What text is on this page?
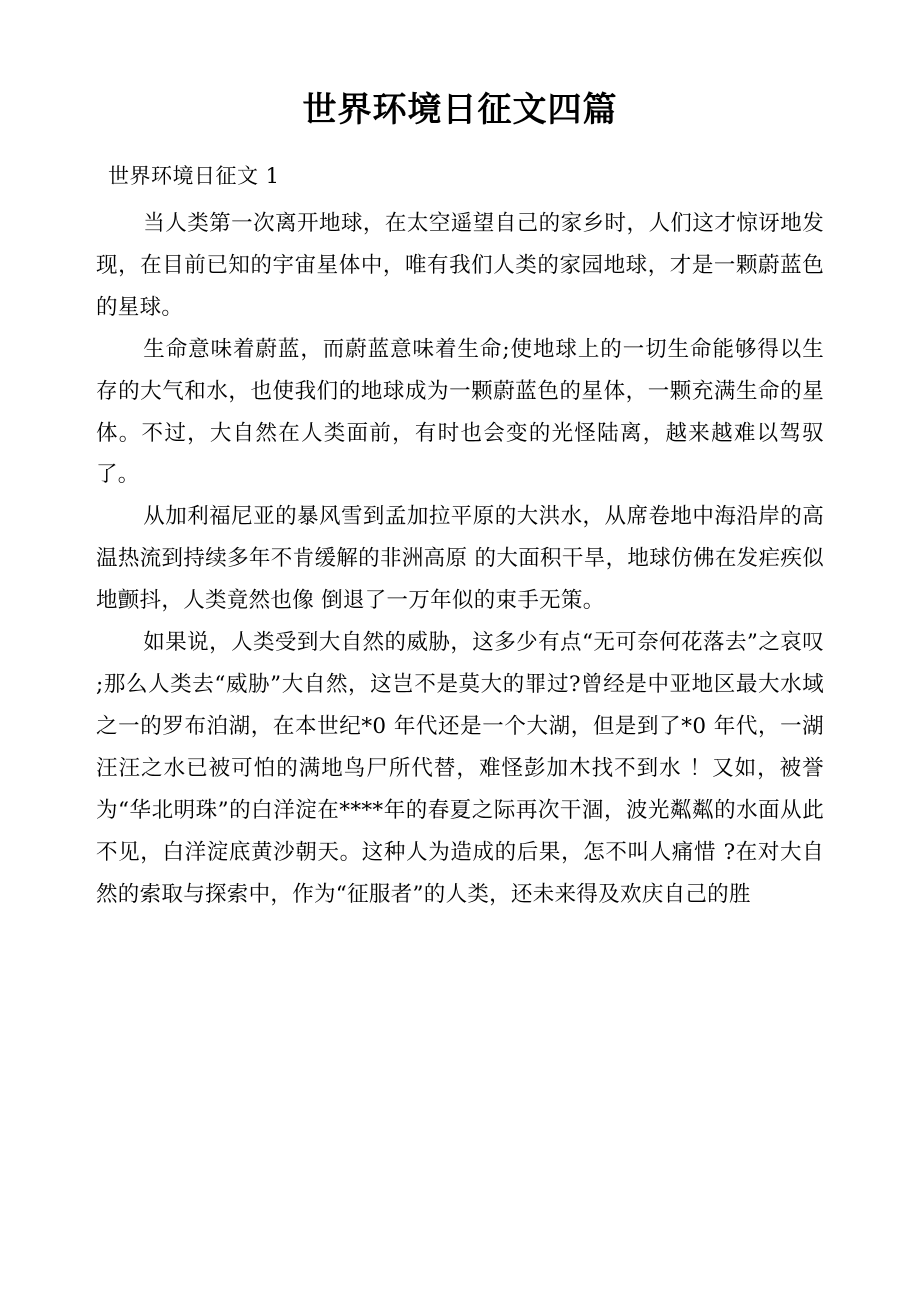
世界环境日征文四篇
世界环境日征文 1

当人类第一次离开地球，在太空遥望自己的家乡时，人们这才惊讶地发现，在目前已知的宇宙星体中，唯有我们人类的家园地球，才是一颗蔚蓝色的星球。

生命意味着蔚蓝，而蔚蓝意味着生命;使地球上的一切生命能够得以生存的大气和水，也使我们的地球成为一颗蔚蓝色的星体，一颗充满生命的星体。不过，大自然在人类面前，有时也会变的光怪陆离，越来越难以驾驭了。

从加利福尼亚的暴风雪到孟加拉平原的大洪水，从席卷地中海沿岸的高温热流到持续多年不肯缓解的非洲高原 的大面积干旱，地球仿佛在发疟疾似地颤抖，人类竟然也像 倒退了一万年似的束手无策。

如果说，人类受到大自然的威胁，这多少有点“无可奈何花落去”之哀叹 ;那么人类去“威胁”大自然，这岂不是莫大的罪过?曾经是中亚地区最大水域之一的罗布泊湖，在本世纪*0 年代还是一个大湖，但是到了*0 年代，一湖汪汪之水已被可怕的满地鸟尸所代替，难怪彭加木找不到水 ！又如，被誉为“华北明珠”的白洋淀在****年的春夏之际再次干涸，波光粼粼的水面从此不见，白洋淀底黄沙朝天。这种人为造成的后果，怎不叫人痛惜 ?在对大自然的索取与探索中，作为“征服者”的人类，还未来得及欢庆自己的胜
